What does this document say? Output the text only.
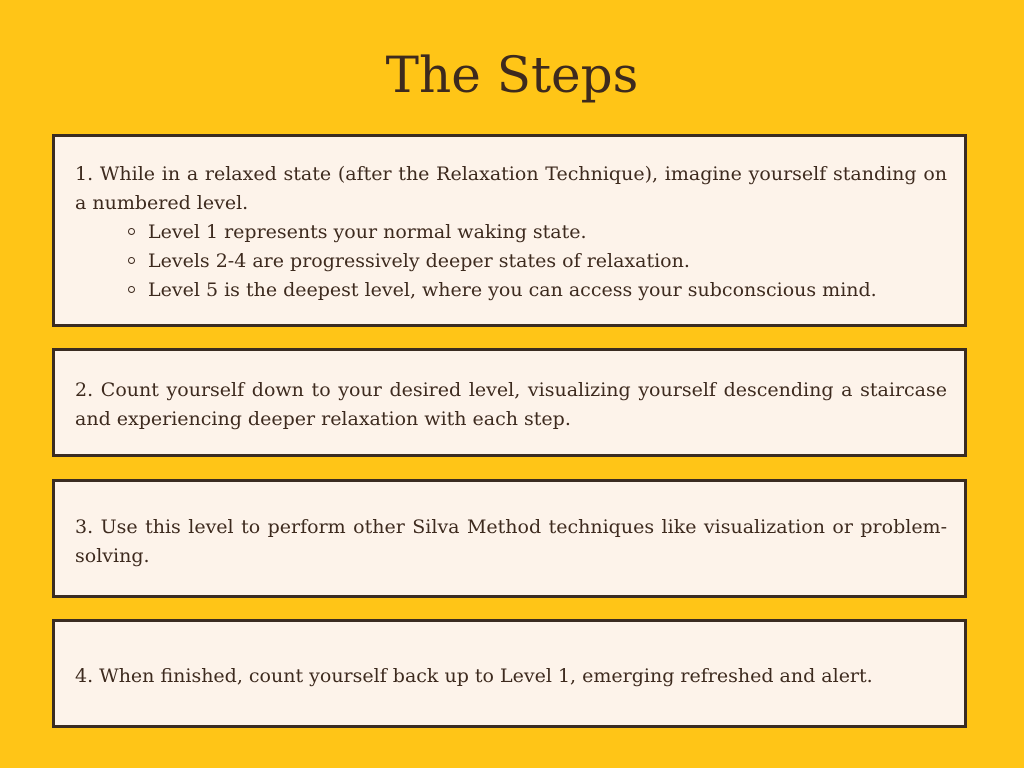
The Steps

1. While in a relaxed state (after the Relaxation Technique), imagine yourself standing on a numbered level.

Level 1 represents your normal waking state.
Levels 2-4 are progressively deeper states of relaxation.
Level 5 is the deepest level, where you can access your subconscious mind.

2. Count yourself down to your desired level, visualizing yourself descending a staircase and experiencing deeper relaxation with each step.

3. Use this level to perform other Silva Method techniques like visualization or problem-solving.

4. When finished, count yourself back up to Level 1, emerging refreshed and alert.
